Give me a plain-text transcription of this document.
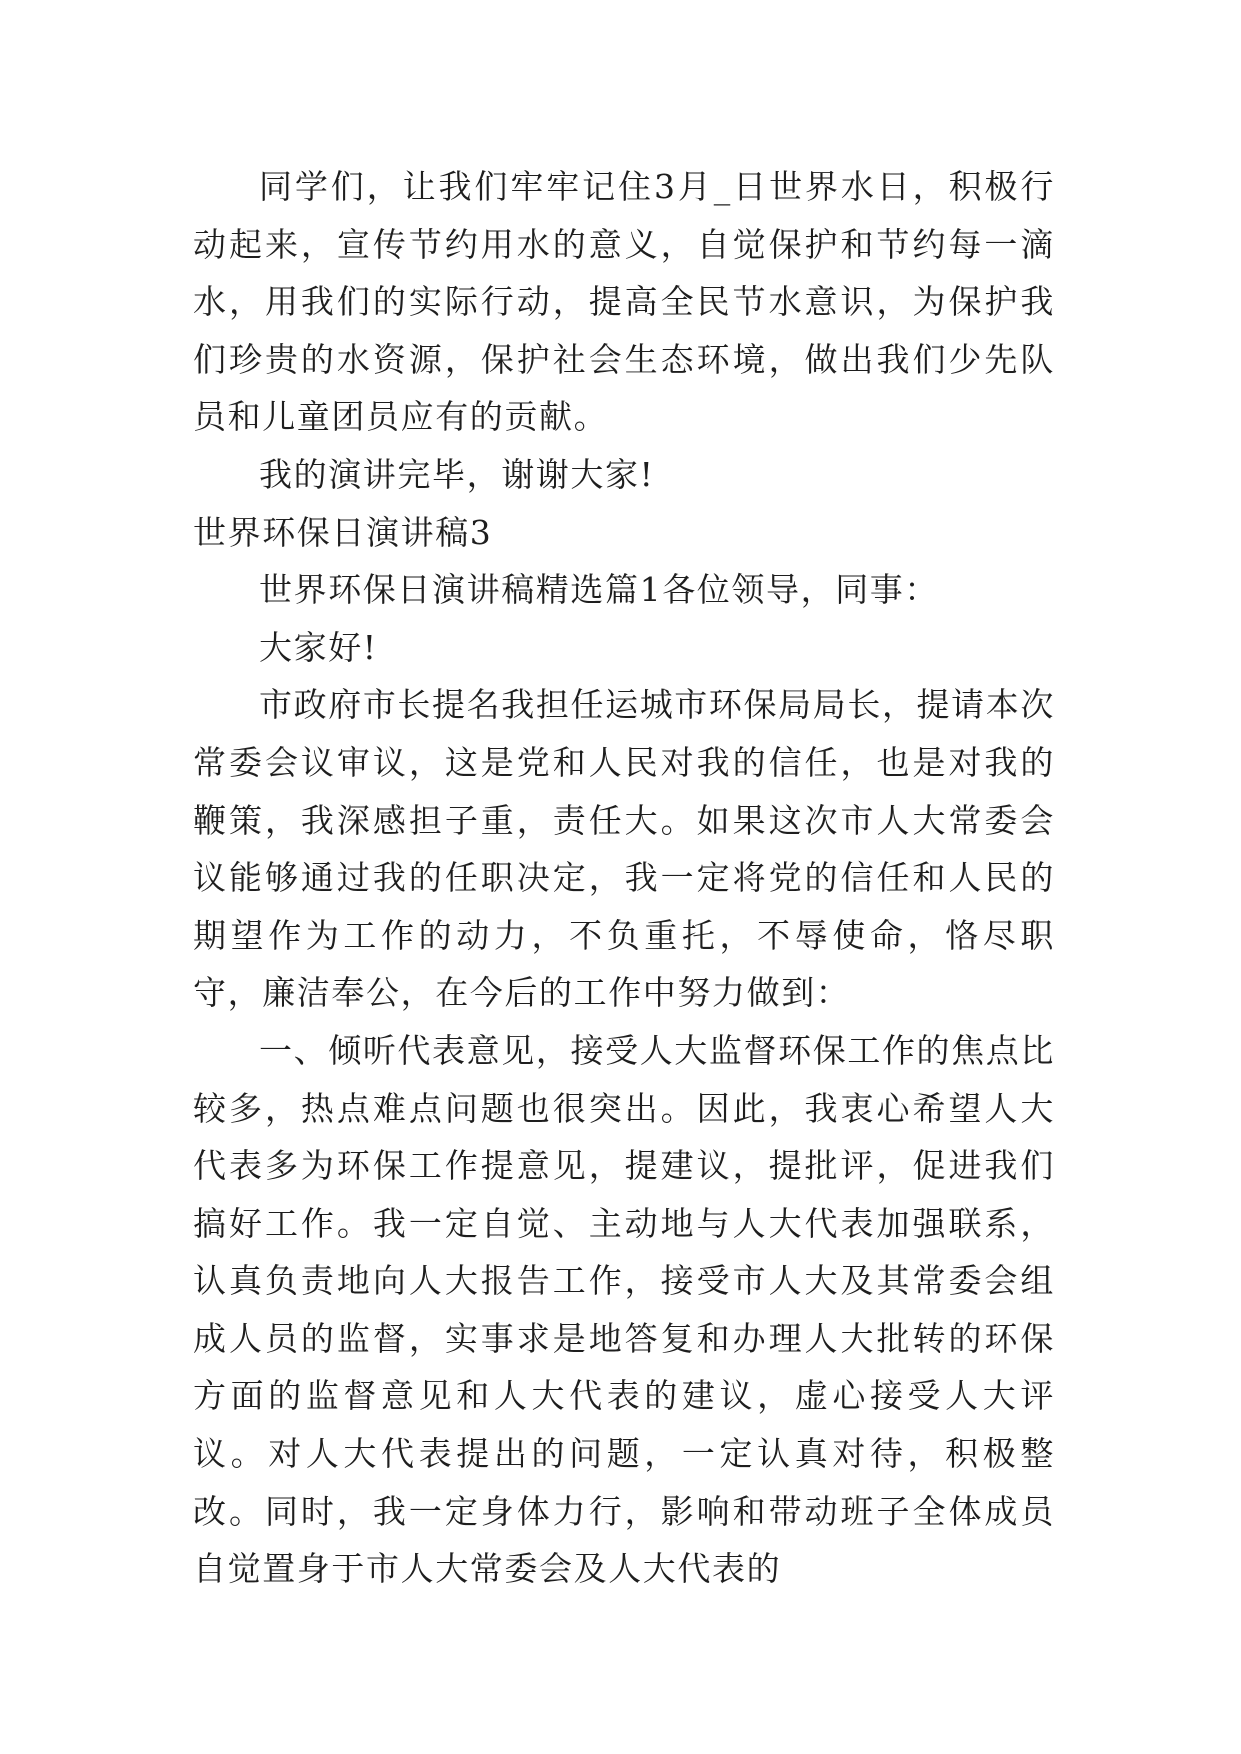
同学们，让我们牢牢记住3月_日世界水日，积极行动起来，宣传节约用水的意义，自觉保护和节约每一滴水，用我们的实际行动，提高全民节水意识，为保护我们珍贵的水资源，保护社会生态环境，做出我们少先队员和儿童团员应有的贡献。

我的演讲完毕，谢谢大家!

世界环保日演讲稿3

世界环保日演讲稿精选篇1各位领导，同事：

大家好!

市政府市长提名我担任运城市环保局局长，提请本次常委会议审议，这是党和人民对我的信任，也是对我的鞭策，我深感担子重，责任大。如果这次市人大常委会议能够通过我的任职决定，我一定将党的信任和人民的期望作为工作的动力，不负重托，不辱使命，恪尽职守，廉洁奉公，在今后的工作中努力做到：

一、倾听代表意见，接受人大监督环保工作的焦点比较多，热点难点问题也很突出。因此，我衷心希望人大代表多为环保工作提意见，提建议，提批评，促进我们搞好工作。我一定自觉、主动地与人大代表加强联系，认真负责地向人大报告工作，接受市人大及其常委会组成人员的监督，实事求是地答复和办理人大批转的环保方面的监督意见和人大代表的建议，虚心接受人大评议。对人大代表提出的问题，一定认真对待，积极整改。同时，我一定身体力行，影响和带动班子全体成员自觉置身于市人大常委会及人大代表的
